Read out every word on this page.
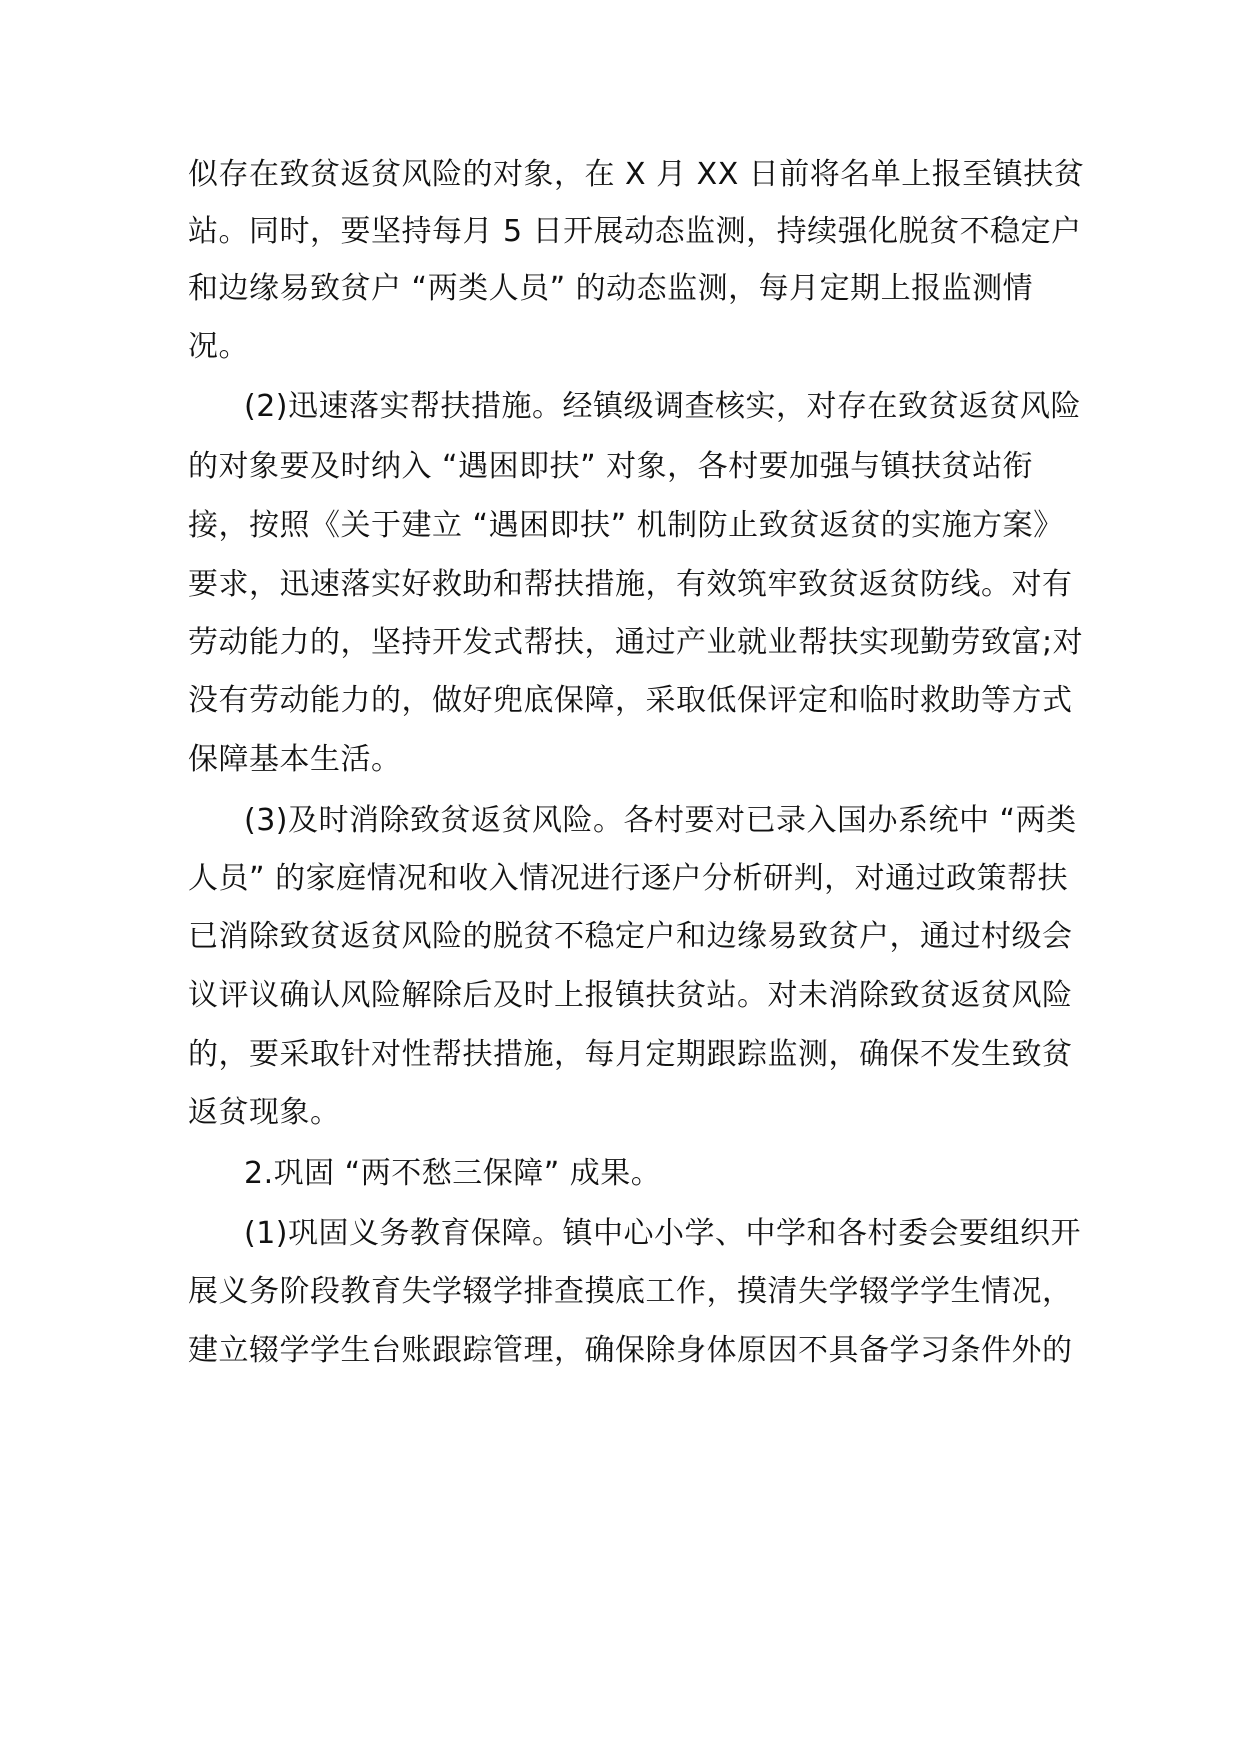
似存在致贫返贫风险的对象，在 X 月 XX 日前将名单上报至镇扶贫

站。同时，要坚持每月 5 日开展动态监测，持续强化脱贫不稳定户

和边缘易致贫户 “两类人员” 的动态监测，每月定期上报监测情

况。

(2)迅速落实帮扶措施。经镇级调查核实，对存在致贫返贫风险

的对象要及时纳入 “遇困即扶” 对象，各村要加强与镇扶贫站衔

接，按照《关于建立 “遇困即扶” 机制防止致贫返贫的实施方案》

要求，迅速落实好救助和帮扶措施，有效筑牢致贫返贫防线。对有

劳动能力的，坚持开发式帮扶，通过产业就业帮扶实现勤劳致富;对

没有劳动能力的，做好兜底保障，采取低保评定和临时救助等方式

保障基本生活。

(3)及时消除致贫返贫风险。各村要对已录入国办系统中 “两类

人员” 的家庭情况和收入情况进行逐户分析研判，对通过政策帮扶

已消除致贫返贫风险的脱贫不稳定户和边缘易致贫户，通过村级会

议评议确认风险解除后及时上报镇扶贫站。对未消除致贫返贫风险

的，要采取针对性帮扶措施，每月定期跟踪监测，确保不发生致贫

返贫现象。

2.巩固 “两不愁三保障” 成果。

(1)巩固义务教育保障。镇中心小学、中学和各村委会要组织开

展义务阶段教育失学辍学排查摸底工作，摸清失学辍学学生情况，

建立辍学学生台账跟踪管理，确保除身体原因不具备学习条件外的
